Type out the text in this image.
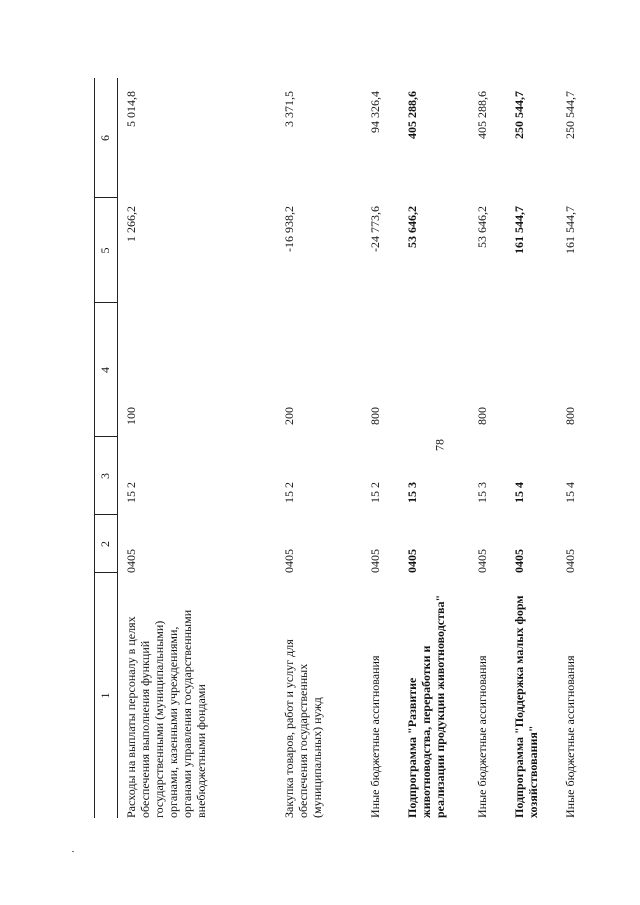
78
1
2
3
4
5
6
Расходы на выплаты персоналу в целях обеспечения выполнения функций государственными (муниципальными) органами, казенными учреждениями, органами управления государственными внебюджетными фондами
0405
15 2
100
1 266,2
5 014,8
Закупка товаров, работ и услуг для обеспечения государственных (муниципальных) нужд
0405
15 2
200
-16 938,2
3 371,5
Иные бюджетные ассигнования
0405
15 2
800
-24 773,6
94 326,4
Подпрограмма "Развитие животноводства, переработки и реализации продукции животноводства"
0405
15 3
53 646,2
405 288,6
Иные бюджетные ассигнования
0405
15 3
800
53 646,2
405 288,6
Подпрограмма "Поддержка малых форм хозяйствования"
0405
15 4
161 544,7
250 544,7
Иные бюджетные ассигнования
0405
15 4
800
161 544,7
250 544,7
